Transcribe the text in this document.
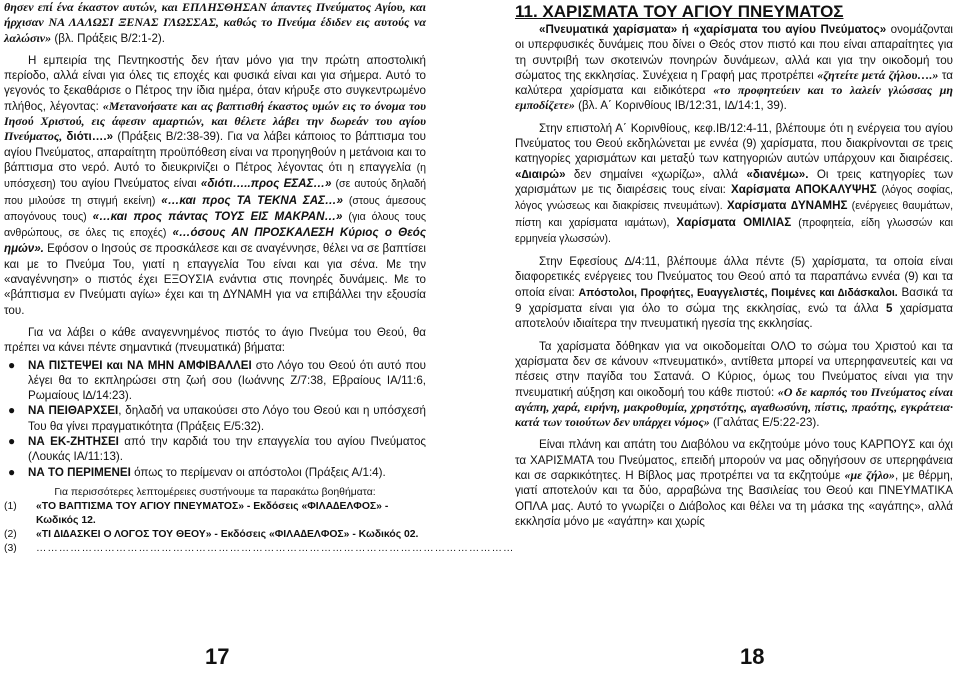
θησεν επί ένα έκαστον αυτών, και ΕΠΛΗΣΘΗΣΑΝ άπαντες Πνεύματος Αγίου, και ήρχισαν ΝΑ ΛΑΛΩΣΙ ΞΕΝΑΣ ΓΛΩΣΣΑΣ, καθώς το Πνεύμα έδιδεν εις αυτούς να λαλώσιν» (βλ. Πράξεις Β/2:1-2).

Η εμπειρία της Πεντηκοστής δεν ήταν μόνο για την πρώτη αποστολική περίοδο, αλλά είναι για όλες τις εποχές και φυσικά είναι και για σήμερα. Αυτό το γεγονός το ξεκαθάρισε ο Πέτρος την ίδια ημέρα, όταν κήρυξε στο συγκεντρωμένο πλήθος, λέγοντας: «Μετανοήσατε και ας βαπτισθή έκαστος υμών εις το όνομα του Ιησού Χριστού, εις άφεσιν αμαρτιών, και θέλετε λάβει την δωρεάν του αγίου Πνεύματος, διότι….» (Πράξεις Β/2:38-39). Για να λάβει κάποιος το βάπτισμα του αγίου Πνεύματος, απαραίτητη προϋπόθεση είναι να προηγηθούν η μετάνοια και το βάπτισμα στο νερό. Αυτό το διευκρινίζει ο Πέτρος λέγοντας ότι η επαγγελία (η υπόσχεση) του αγίου Πνεύματος είναι «διότι…..προς ΕΣΑΣ…» (σε αυτούς δηλαδή που μιλούσε τη στιγμή εκείνη) «…και προς ΤΑ ΤΕΚΝΑ ΣΑΣ…» (στους άμεσους απογόνους τους) «…και προς πάντας ΤΟΥΣ ΕΙΣ ΜΑΚΡΑΝ…» (για όλους τους ανθρώπους, σε όλες τις εποχές) «…όσους ΑΝ ΠΡΟΣΚΑΛΕΣΗ Κύριος ο Θεός ημών». Εφόσον ο Ιησούς σε προσκάλεσε και σε αναγέννησε, θέλει να σε βαπτίσει και με το Πνεύμα Του, γιατί η επαγγελία Του είναι και για σένα. Με την «αναγέννηση» ο πιστός έχει ΕΞΟΥΣΙΑ ενάντια στις πονηρές δυνάμεις. Με το «βάπτισμα εν Πνεύματι αγίω» έχει και τη ΔΥΝΑΜΗ για να επιβάλλει την εξουσία του.

Για να λάβει ο κάθε αναγεννημένος πιστός το άγιο Πνεύμα του Θεού, θα πρέπει να κάνει πέντε σημαντικά (πνευματικά) βήματα:

● ΝΑ ΠΙΣΤΕΨΕΙ και ΝΑ ΜΗΝ ΑΜΦΙΒΑΛΛΕΙ στο Λόγο του Θεού ότι αυτό που λέγει θα το εκπληρώσει στη ζωή σου (Ιωάννης Ζ/7:38, Εβραίους ΙΑ/11:6, Ρωμαίους Ι∆/14:23).
● ΝΑ ΠΕΙΘΑΡΧΣΕΙ, δηλαδή να υπακούσει στο Λόγο του Θεού και η υπόσχεσή Του θα γίνει πραγματικότητα (Πράξεις Ε/5:32).
● ΝΑ ΕΚ-ΖΗΤΗΣΕΙ από την καρδιά του την επαγγελία του αγίου Πνεύματος (Λουκάς ΙΑ/11:13).
● ΝΑ ΤΟ ΠΕΡΙΜΕΝΕΙ όπως το περίμεναν οι απόστολοι (Πράξεις Α/1:4).
Για περισσότερες λεπτομέρειες συστήνουμε τα παρακάτω βοηθήματα:
(1)	«ΤΟ ΒΑΠΤΙΣΜΑ ΤΟΥ ΑΓΙΟΥ ΠΝΕΥΜΑΤΟΣ» - Εκδόσεις «ΦΙΛΑ∆ΕΛΦΟΣ» - Κωδικός 12.
(2)	«ΤΙ ∆Ι∆ΑΣΚΕΙ Ο ΛΟΓΟΣ ΤΟΥ ΘΕΟΥ» - Εκδόσεις «ΦΙΛΑ∆ΕΛΦΟΣ» - Κωδικός 02.
(3)	………………………………………………………………………………………………………………
17
11. ΧΑΡΙΣΜΑΤΑ ΤΟΥ ΑΓΙΟΥ ΠΝΕΥΜΑΤΟΣ

«Πνευματικά χαρίσματα» ή «χαρίσματα του αγίου Πνεύματος» ονομάζονται οι υπερφυσικές δυνάμεις που δίνει ο Θεός στον πιστό και που είναι απαραίτητες για τη συντριβή των σκοτεινών πονηρών δυνάμεων, αλλά και για την οικοδομή του σώματος της εκκλησίας. Συνέχεια η Γραφή μας προτρέπει «ζητείτε μετά ζήλου….» τα καλύτερα χαρίσματα και ειδικότερα «το προφητεύειν και το λαλείν γλώσσας μη εμποδίζετε» (βλ. Α΄ Κορινθίους ΙΒ/12:31, Ι∆/14:1, 39).

Στην επιστολή Α΄ Κορινθίους, κεφ.ΙΒ/12:4-11, βλέπουμε ότι η ενέργεια του αγίου Πνεύματος του Θεού εκδηλώνεται με εννέα (9) χαρίσματα, που διακρίνονται σε τρεις κατηγορίες χαρισμάτων και μεταξύ των κατηγοριών αυτών υπάρχουν και διαιρέσεις. «∆ιαιρώ» δεν σημαίνει «χωρίζω», αλλά «διανέμω». Οι τρεις κατηγορίες των χαρισμάτων με τις διαιρέσεις τους είναι: Χαρίσματα ΑΠΟΚΑΛΥΨΗΣ (λόγος σοφίας, λόγος γνώσεως και διακρίσεις πνευμάτων). Χαρίσματα ∆ΥΝΑΜΗΣ (ενέργειες θαυμάτων, πίστη και χαρίσματα ιαμάτων), Χαρίσματα ΟΜΙΛΙΑΣ (προφητεία, είδη γλωσσών και ερμηνεία γλωσσών).

Στην Εφεσίους ∆/4:11, βλέπουμε άλλα πέντε (5) χαρίσματα, τα οποία είναι διαφορετικές ενέργειες του Πνεύματος του Θεού από τα παραπάνω εννέα (9) και τα οποία είναι: Απόστολοι, Προφήτες, Ευαγγελιστές, Ποιμένες και ∆ιδάσκαλοι. Βασικά τα 9 χαρίσματα είναι για όλο το σώμα της εκκλησίας, ενώ τα άλλα 5 χαρίσματα αποτελούν ιδιαίτερα την πνευματική ηγεσία της εκκλησίας.

Τα χαρίσματα δόθηκαν για να οικοδομείται ΟΛΟ το σώμα του Χριστού και τα χαρίσματα δεν σε κάνουν «πνευματικό», αντίθετα μπορεί να υπερηφανευτείς και να πέσεις στην παγίδα του Σατανά. Ο Κύριος, όμως του Πνεύματος είναι για την πνευματική αύξηση και οικοδομή του κάθε πιστού: «Ο δε καρπός του Πνεύματος είναι αγάπη, χαρά, ειρήνη, μακροθυμία, χρηστότης, αγαθωσύνη, πίστις, πραότης, εγκράτεια· κατά των τοιούτων δεν υπάρχει νόμος» (Γαλάτας Ε/5:22-23).

Είναι πλάνη και απάτη του ∆ιαβόλου να εκζητούμε μόνο τους ΚΑΡΠΟΥΣ και όχι τα ΧΑΡΙΣΜΑΤΑ του Πνεύματος, επειδή μπορούν να μας οδηγήσουν σε υπερηφάνεια και σε σαρκικότητες. Η Βίβλος μας προτρέπει να τα εκζητούμε «με ζήλο», με θέρμη, γιατί αποτελούν και τα δύο, αρραβώνα της Βασιλείας του Θεού και ΠΝΕΥΜΑΤΙΚΑ ΟΠΛΑ μας. Αυτό το γνωρίζει ο ∆ιάβολος και θέλει να τη μάσκα της «αγάπης», αλλά εκκλησία μόνο με «αγάπη» και χωρίς

18
